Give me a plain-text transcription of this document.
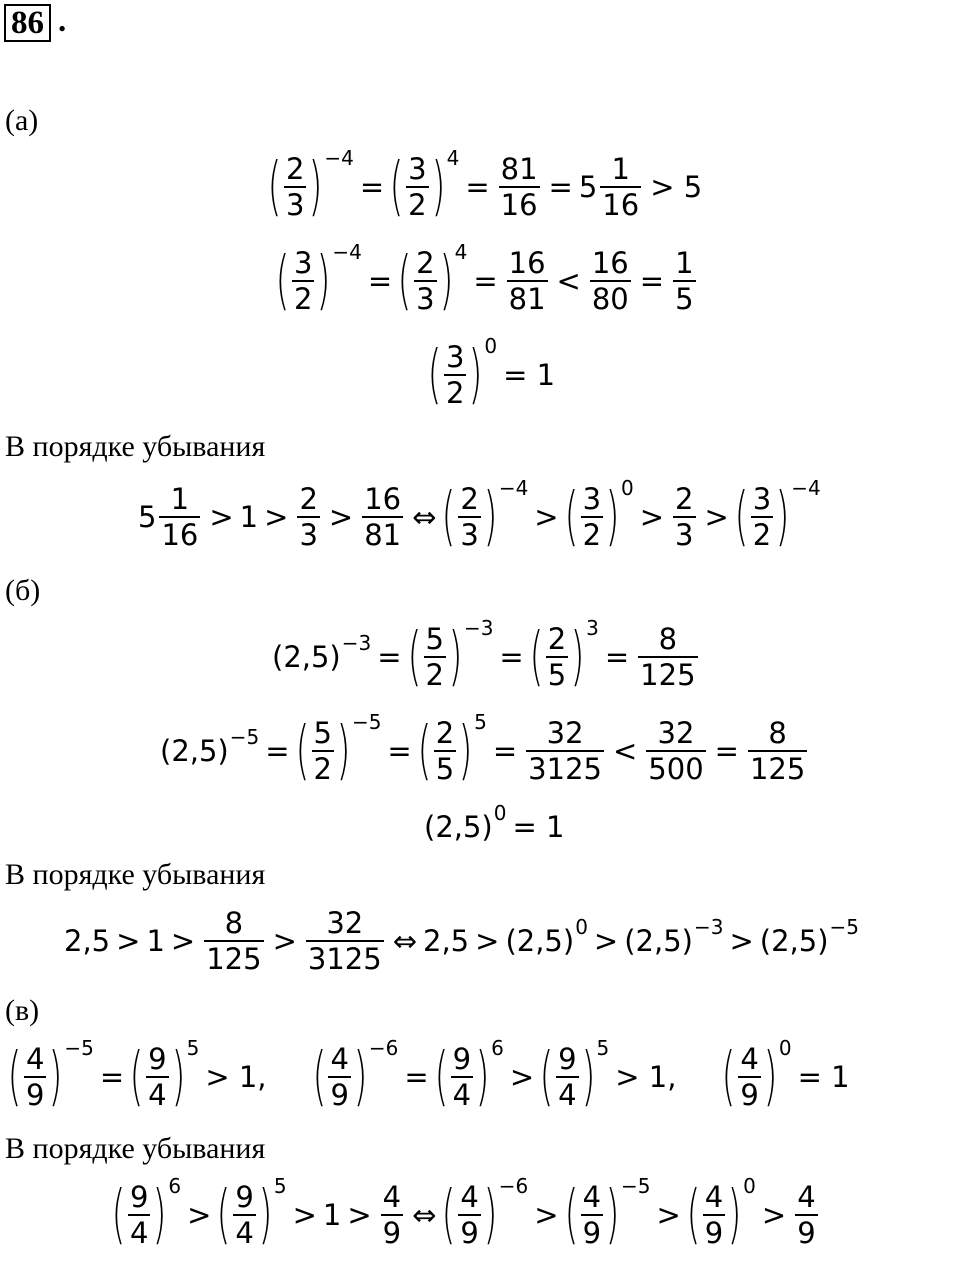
86 .
(а)
( $\frac{2}{3}$ ) −4
= ( $\frac{3}{2}$ ) 4
= $\frac{81}{16} = 5 \frac{1}{16} > 5$
( $\frac{3}{2}$ ) −4
= ( $\frac{2}{3}$ ) 4
= $\frac{16}{81} < \frac{16}{80} = \frac{1}{5}$
( $\frac{3}{2}$ ) 0
= 1
В порядке убывания
$5 \frac{1}{16} > 1 > \frac{2}{3} > \frac{16}{81}$ ⇔ ( $\frac{2}{3}$ ) −4
> ( $\frac{3}{2}$ ) 0
> $\frac{2}{3}$ > ( $\frac{3}{2}$ ) −4
(б)
(2,5) −3 = ( $\frac{5}{2}$ ) −3
= ( $\frac{2}{5}$ ) 3
= $\frac{8}{125}$
(2,5) −5 = ( $\frac{5}{2}$ ) −5
= ( $\frac{2}{5}$ ) 5
= $\frac{32}{3125} < \frac{32}{500} = \frac{8}{125}$
(2,5) 0 = 1
В порядке убывания
$2,5 > 1 > \frac{8}{125} > \frac{32}{3125}$ ⇔ 2,5 > (2,5) 0 > (2,5) −3 > (2,5) −5
(в)
( $\frac{4}{9}$ ) −5
= ( $\frac{9}{4}$ ) 5
> 1, ( $\frac{4}{9}$ ) −6
= ( $\frac{9}{4}$ ) 6
> ( $\frac{9}{4}$ ) 5
> 1, ( $\frac{4}{9}$ ) 0
= 1
В порядке убывания
( $\frac{9}{4}$ ) 6
> ( $\frac{9}{4}$ ) 5
> $1 > \frac{4}{9}$ ⇔ ( $\frac{4}{9}$ ) −6
> ( $\frac{4}{9}$ ) −5
> ( $\frac{4}{9}$ ) 0
> $\frac{4}{9}$
